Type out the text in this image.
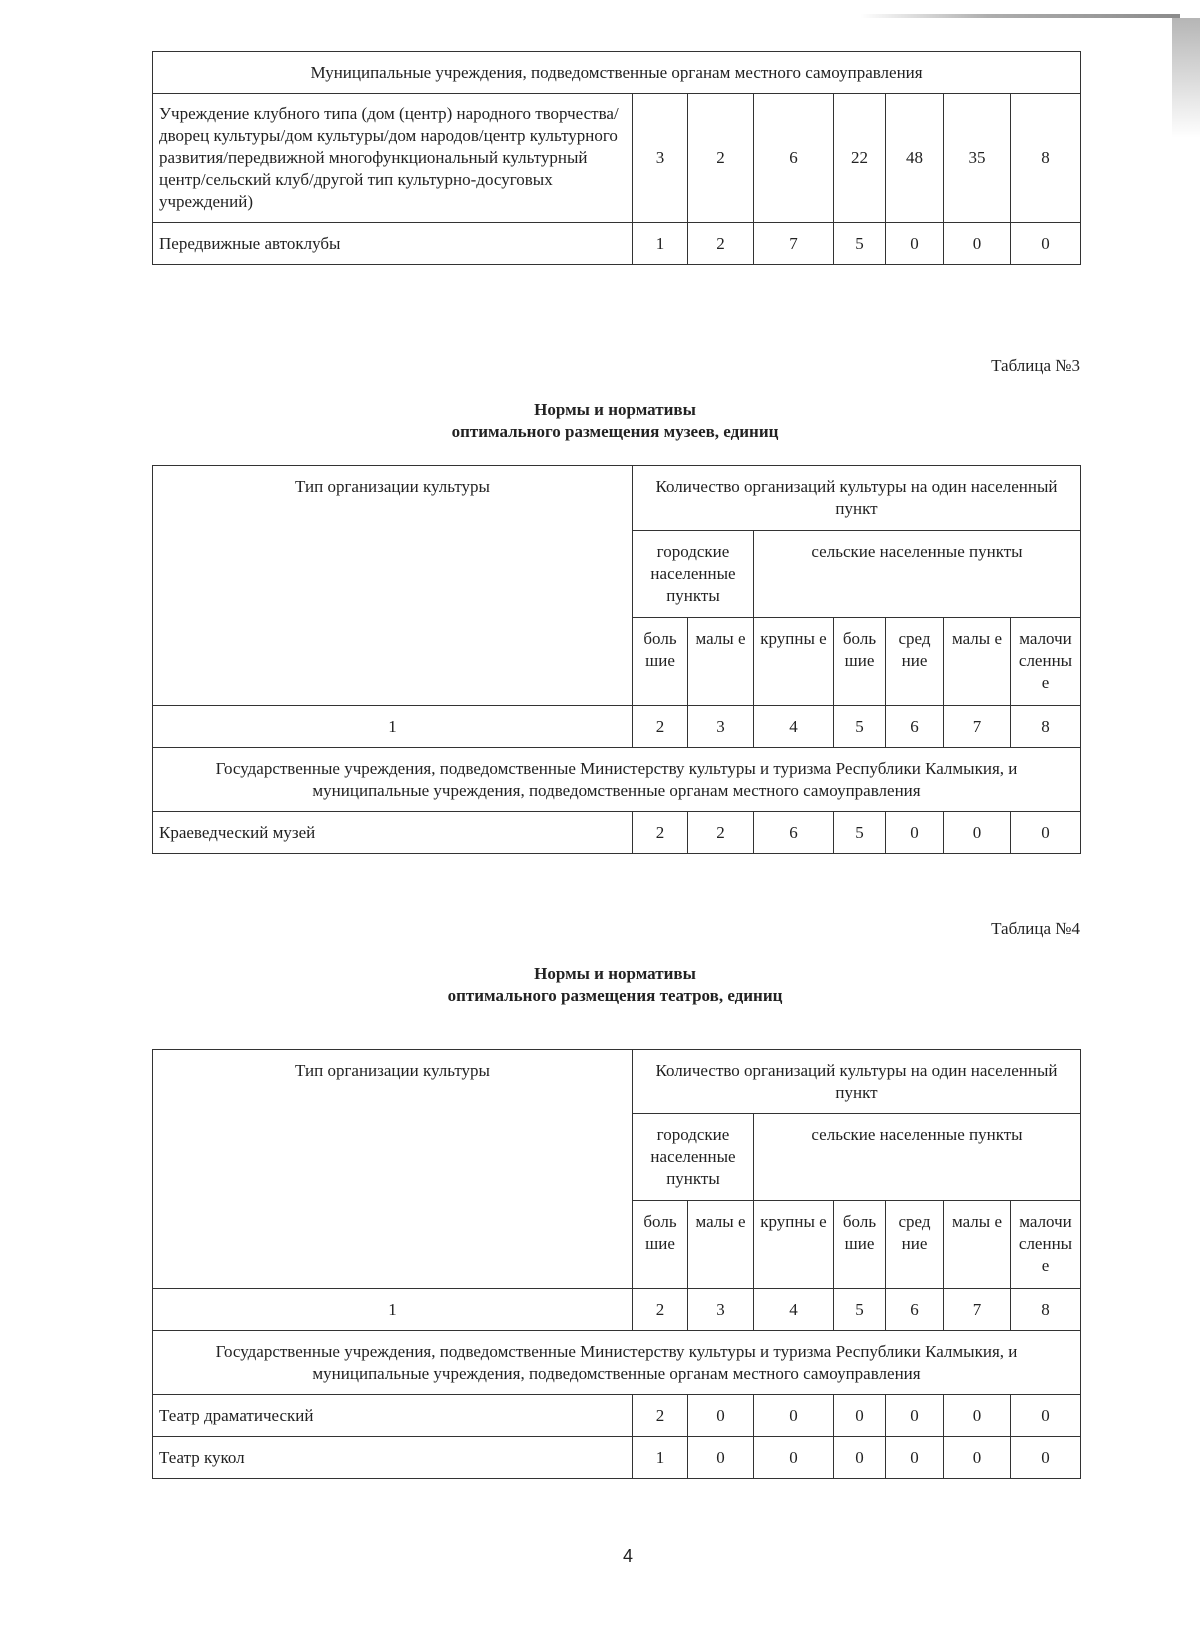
Муниципальные учреждения, подведомственные органам местного самоуправления							
Учреждение клубного типа (дом (центр) народного творчества/дворец культуры/дом культуры/дом народов/центр культурного развития/передвижной многофункциональный культурный центр/сельский клуб/другой тип культурно-досуговых учреждений)	3	2	6	22	48	35	8
Передвижные автоклубы	1	2	7	5	0	0	0
Таблица №3
Нормы и нормативы
оптимального размещения музеев, единиц
Тип организации культуры	Количество организаций культуры на один населенный пункт						
	городские населенные пункты		сельские населенные пункты				
	боль шие	малы е	крупны е	боль шие	сред ние	малы е	малочи сленны е
1	2	3	4	5	6	7	8
Государственные учреждения, подведомственные Министерству культуры и туризма Республики Калмыкия, и муниципальные учреждения, подведомственные органам местного самоуправления							
Краеведческий музей	2	2	6	5	0	0	0
Таблица №4
Нормы и нормативы
оптимального размещения театров, единиц
Тип организации культуры	Количество организаций культуры на один населенный пункт						
	городские населенные пункты		сельские населенные пункты				
	боль шие	малы е	крупны е	боль шие	сред ние	малы е	малочи сленны е
1	2	3	4	5	6	7	8
Государственные учреждения, подведомственные Министерству культуры и туризма Республики Калмыкия, и муниципальные учреждения, подведомственные органам местного самоуправления							
Театр драматический	2	0	0	0	0	0	0
Театр кукол	1	0	0	0	0	0	0
4
